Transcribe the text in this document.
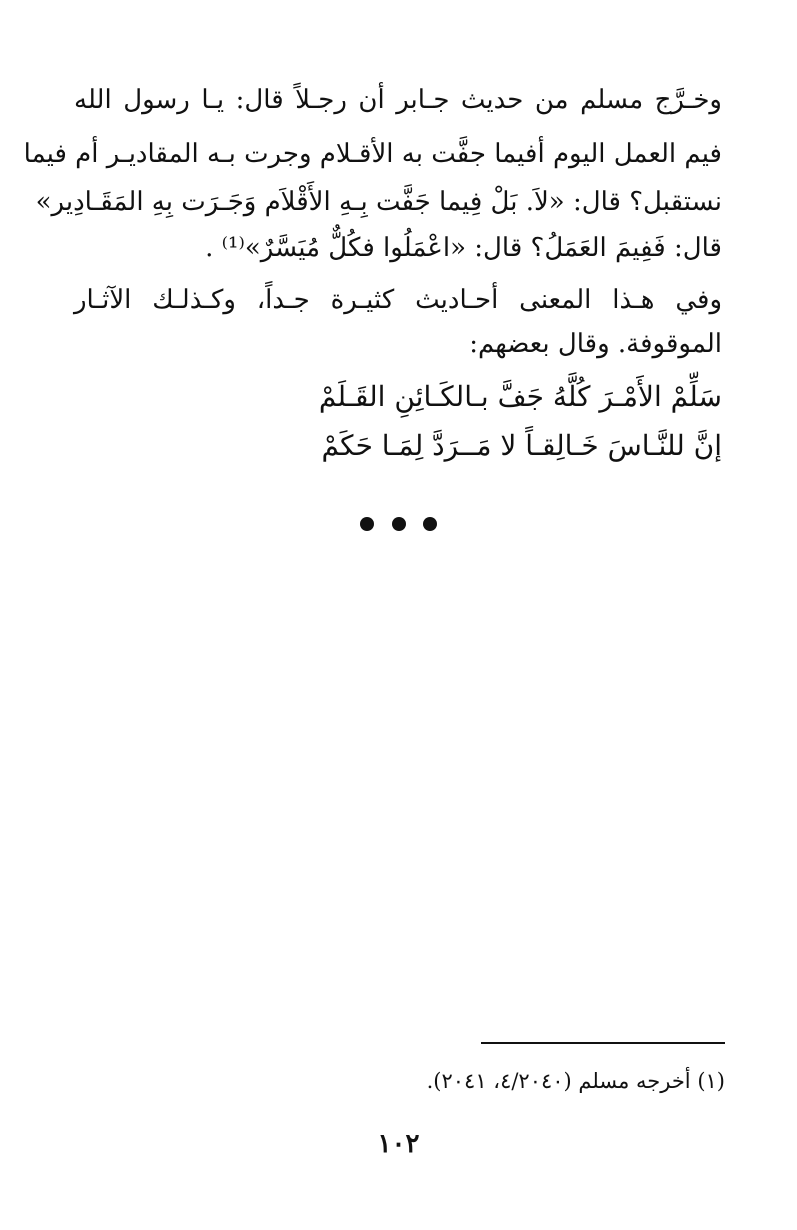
وخـرَّج مسلم من حديث جـابر أن رجـلاً قال: يـا رسول الله
فيم العمل اليوم أفيما جفَّت به الأقـلام وجرت بـه المقاديـر أم فيما
نستقبل؟ قال: «لاَ. بَلْ فِيما جَفَّت بِـهِ الأَقْلاَم وَجَـرَت بِهِ المَقَـادِير»
قال: فَفِيمَ العَمَلُ؟ قال: «اعْمَلُوا فكُلٌّ مُيَسَّرٌ»⁽¹⁾ .
وفي هـذا المعنى أحـاديث كثيـرة جـداً، وكـذلـك الآثـار
الموقوفة. وقال بعضهم:
سَلِّمْ الأَمْـرَ كُلَّهُ جَفَّ بـالكَـائِنِ القَـلَمْ
إنَّ للنَّـاسَ خَـالِقـاً لا مَــرَدَّ لِمَـا حَكَمْ

(١) أخرجه مسلم (٤/٢٠٤٠، ٢٠٤١).
١٠٢
